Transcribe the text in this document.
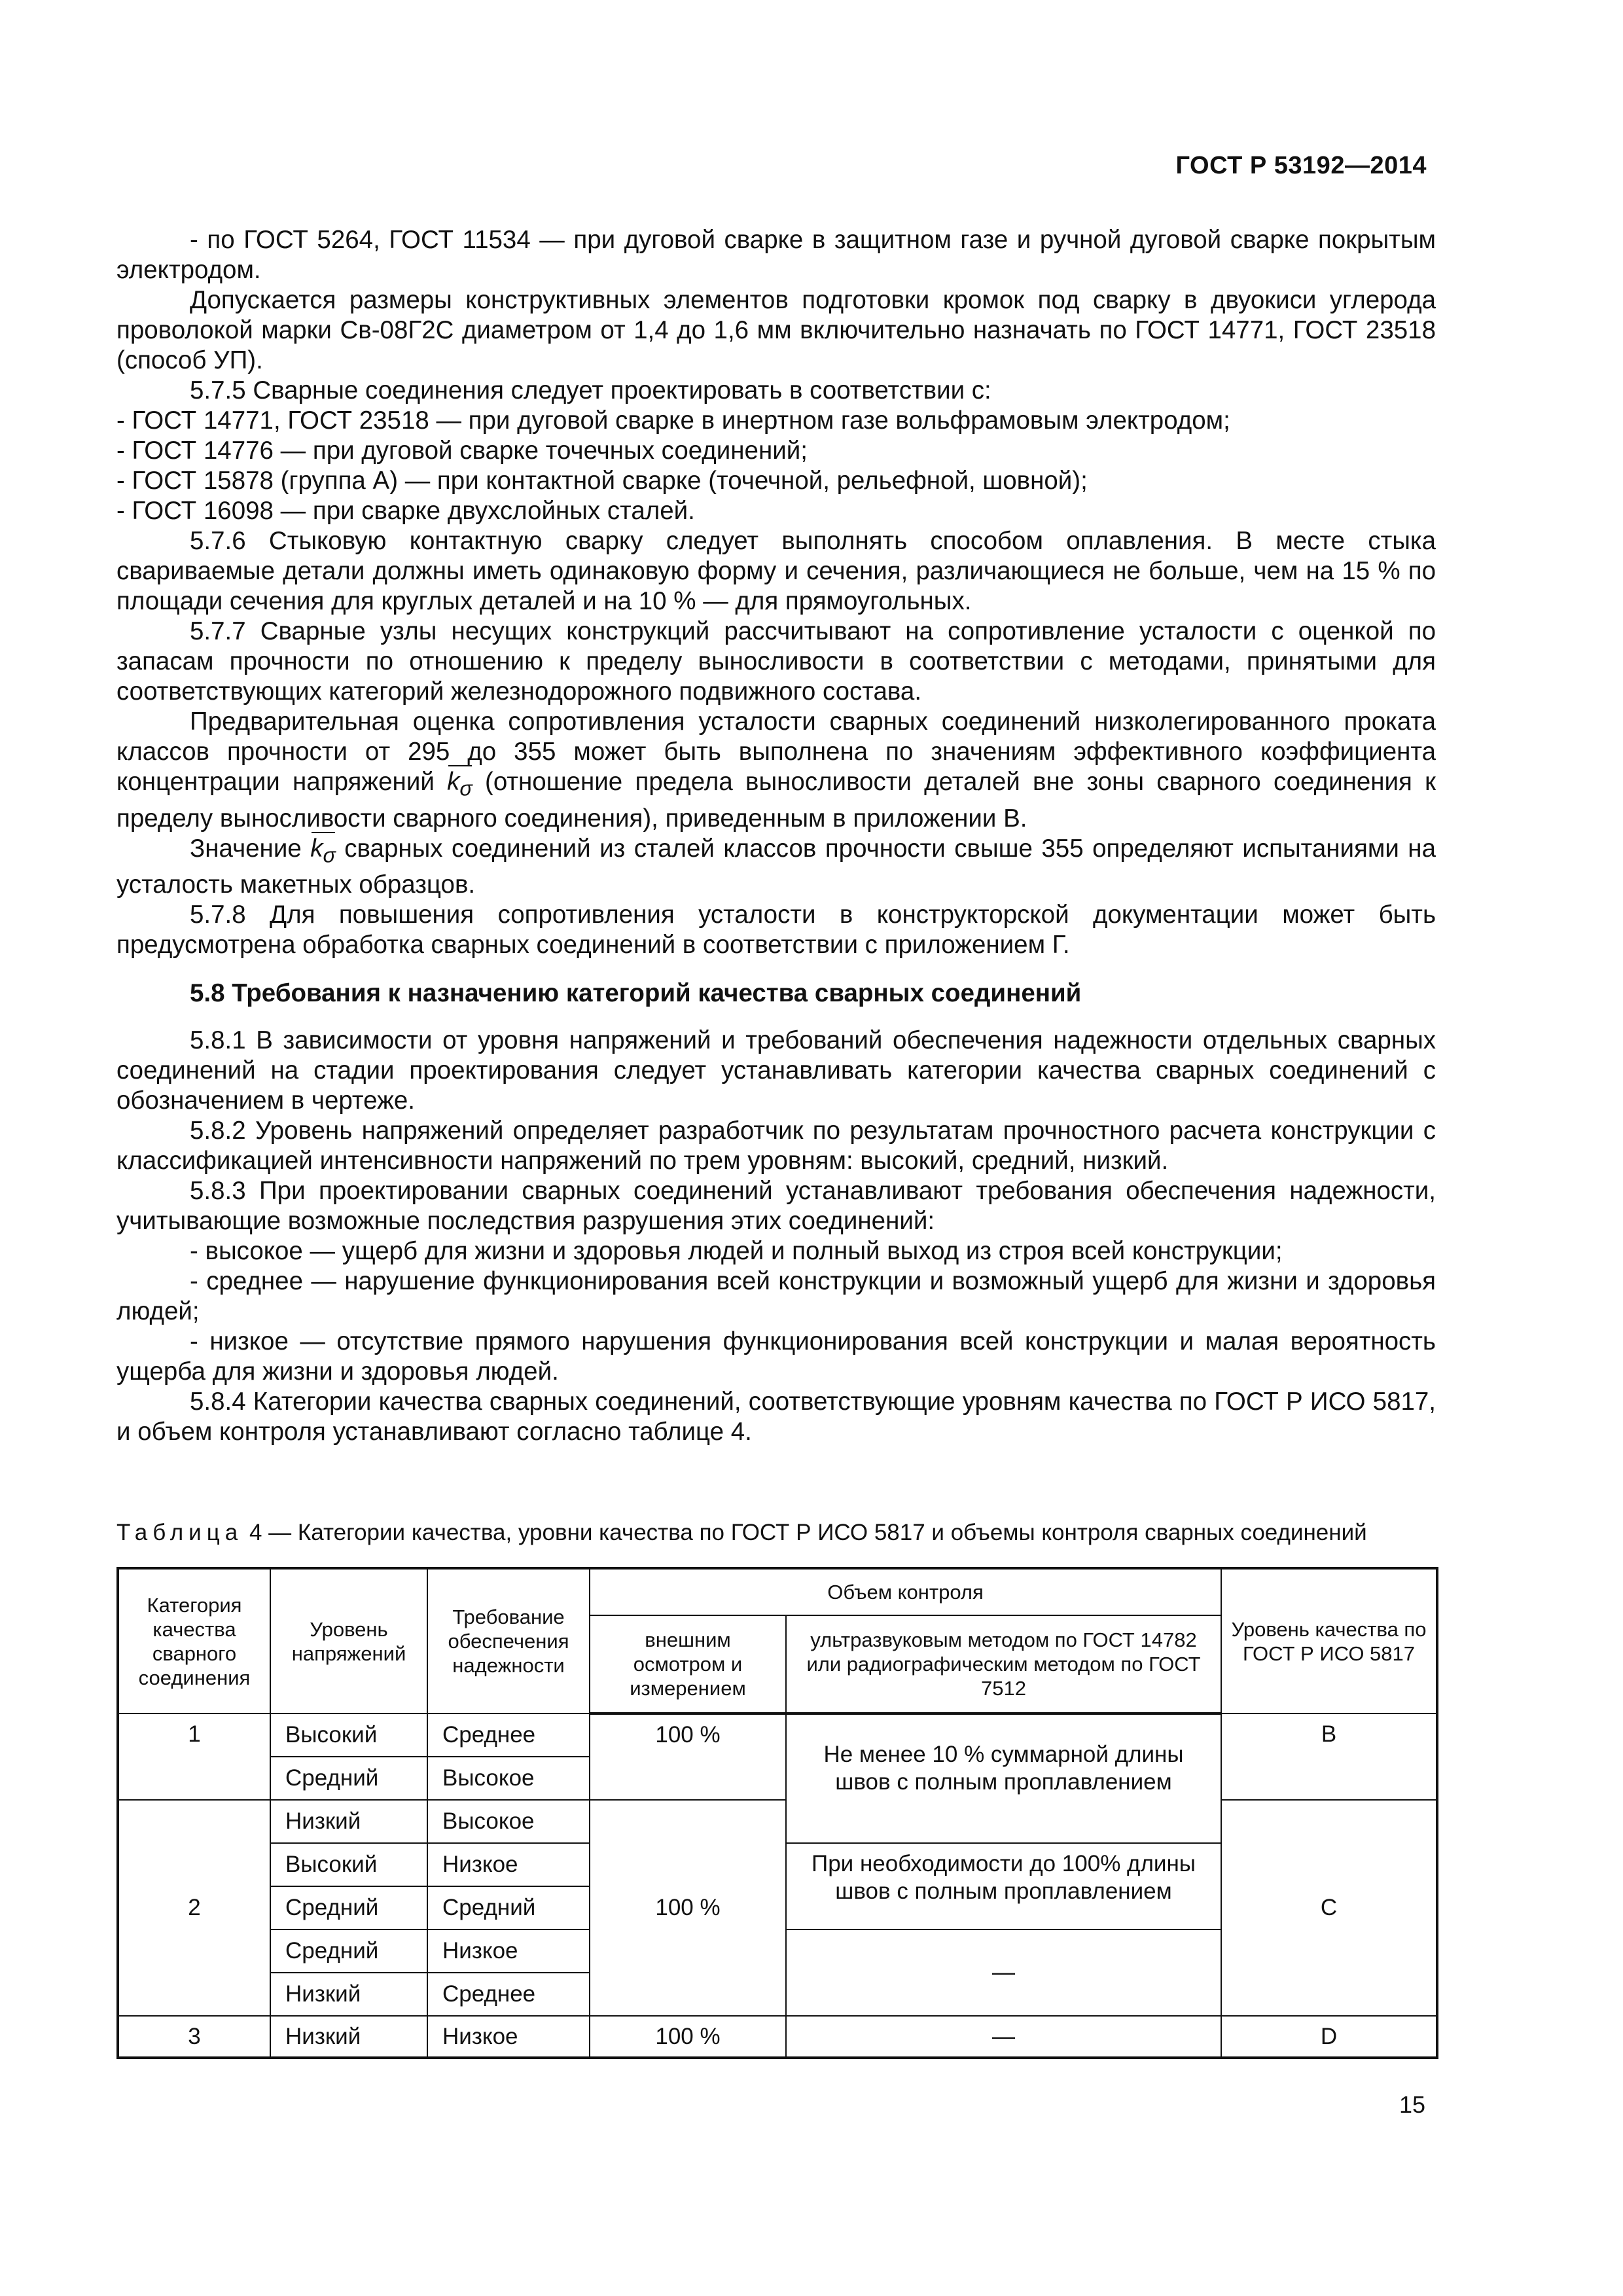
ГОСТ Р 53192—2014

- по ГОСТ 5264, ГОСТ 11534 — при дуговой сварке в защитном газе и ручной дуговой сварке покрытым электродом.

Допускается размеры конструктивных элементов подготовки кромок под сварку в двуокиси углерода проволокой марки Св-08Г2С диаметром от 1,4 до 1,6 мм включительно назначать по ГОСТ 14771, ГОСТ 23518 (способ УП).

5.7.5 Сварные соединения следует проектировать в соответствии с:

- ГОСТ 14771, ГОСТ 23518 — при дуговой сварке в инертном газе вольфрамовым электродом;

- ГОСТ 14776 — при дуговой сварке точечных соединений;

- ГОСТ 15878 (группа А) — при контактной сварке (точечной, рельефной, шовной);

- ГОСТ 16098 — при сварке двухслойных сталей.

5.7.6 Стыковую контактную сварку следует выполнять способом оплавления. В месте стыка свариваемые детали должны иметь одинаковую форму и сечения, различающиеся не больше, чем на 15 % по площади сечения для круглых деталей и на 10 % — для прямоугольных.

5.7.7 Сварные узлы несущих конструкций рассчитывают на сопротивление усталости с оценкой по запасам прочности по отношению к пределу выносливости в соответствии с методами, принятыми для соответствующих категорий железнодорожного подвижного состава.

Предварительная оценка сопротивления усталости сварных соединений низколегированного проката классов прочности от 295 до 355 может быть выполнена по значениям эффективного коэффициента концентрации напряжений $k_\sigma$ (отношение предела выносливости деталей вне зоны сварного соединения к пределу выносливости сварного соединения), приведенным в приложении В.

Значение $k_\sigma$ сварных соединений из сталей классов прочности свыше 355 определяют испытаниями на усталость макетных образцов.

5.7.8 Для повышения сопротивления усталости в конструкторской документации может быть предусмотрена обработка сварных соединений в соответствии с приложением Г.

5.8 Требования к назначению категорий качества сварных соединений

5.8.1 В зависимости от уровня напряжений и требований обеспечения надежности отдельных сварных соединений на стадии проектирования следует устанавливать категории качества сварных соединений с обозначением в чертеже.

5.8.2 Уровень напряжений определяет разработчик по результатам прочностного расчета конструкции с классификацией интенсивности напряжений по трем уровням: высокий, средний, низкий.

5.8.3 При проектировании сварных соединений устанавливают требования обеспечения надежности, учитывающие возможные последствия разрушения этих соединений:

- высокое — ущерб для жизни и здоровья людей и полный выход из строя всей конструкции;

- среднее — нарушение функционирования всей конструкции и возможный ущерб для жизни и здоровья людей;

- низкое — отсутствие прямого нарушения функционирования всей конструкции и малая вероятность ущерба для жизни и здоровья людей.

5.8.4 Категории качества сварных соединений, соответствующие уровням качества по ГОСТ Р ИСО 5817, и объем контроля устанавливают согласно таблице 4.

Таблица 4 — Категории качества, уровни качества по ГОСТ Р ИСО 5817 и объемы контроля сварных соединений
Категория качества сварного соединения	Уровень напряжений	Требование обеспечения надежности	Объем контроля		Уровень качества по ГОСТ Р ИСО 5817
			внешним осмотром и измерением	ультразвуковым методом по ГОСТ 14782 или радиографическим методом по ГОСТ 7512	
1	Высокий	Среднее	100 %	Не менее 10 % суммарной длины швов с полным проплавлением	B
	Средний	Высокое			
2	Низкий	Высокое	100 %		C
	Высокий	Низкое		При необходимости до 100% длины швов с полным проплавлением	
	Средний	Средний			
	Средний	Низкое		—	
	Низкий	Среднее			
3	Низкий	Низкое	100 %	—	D
15
